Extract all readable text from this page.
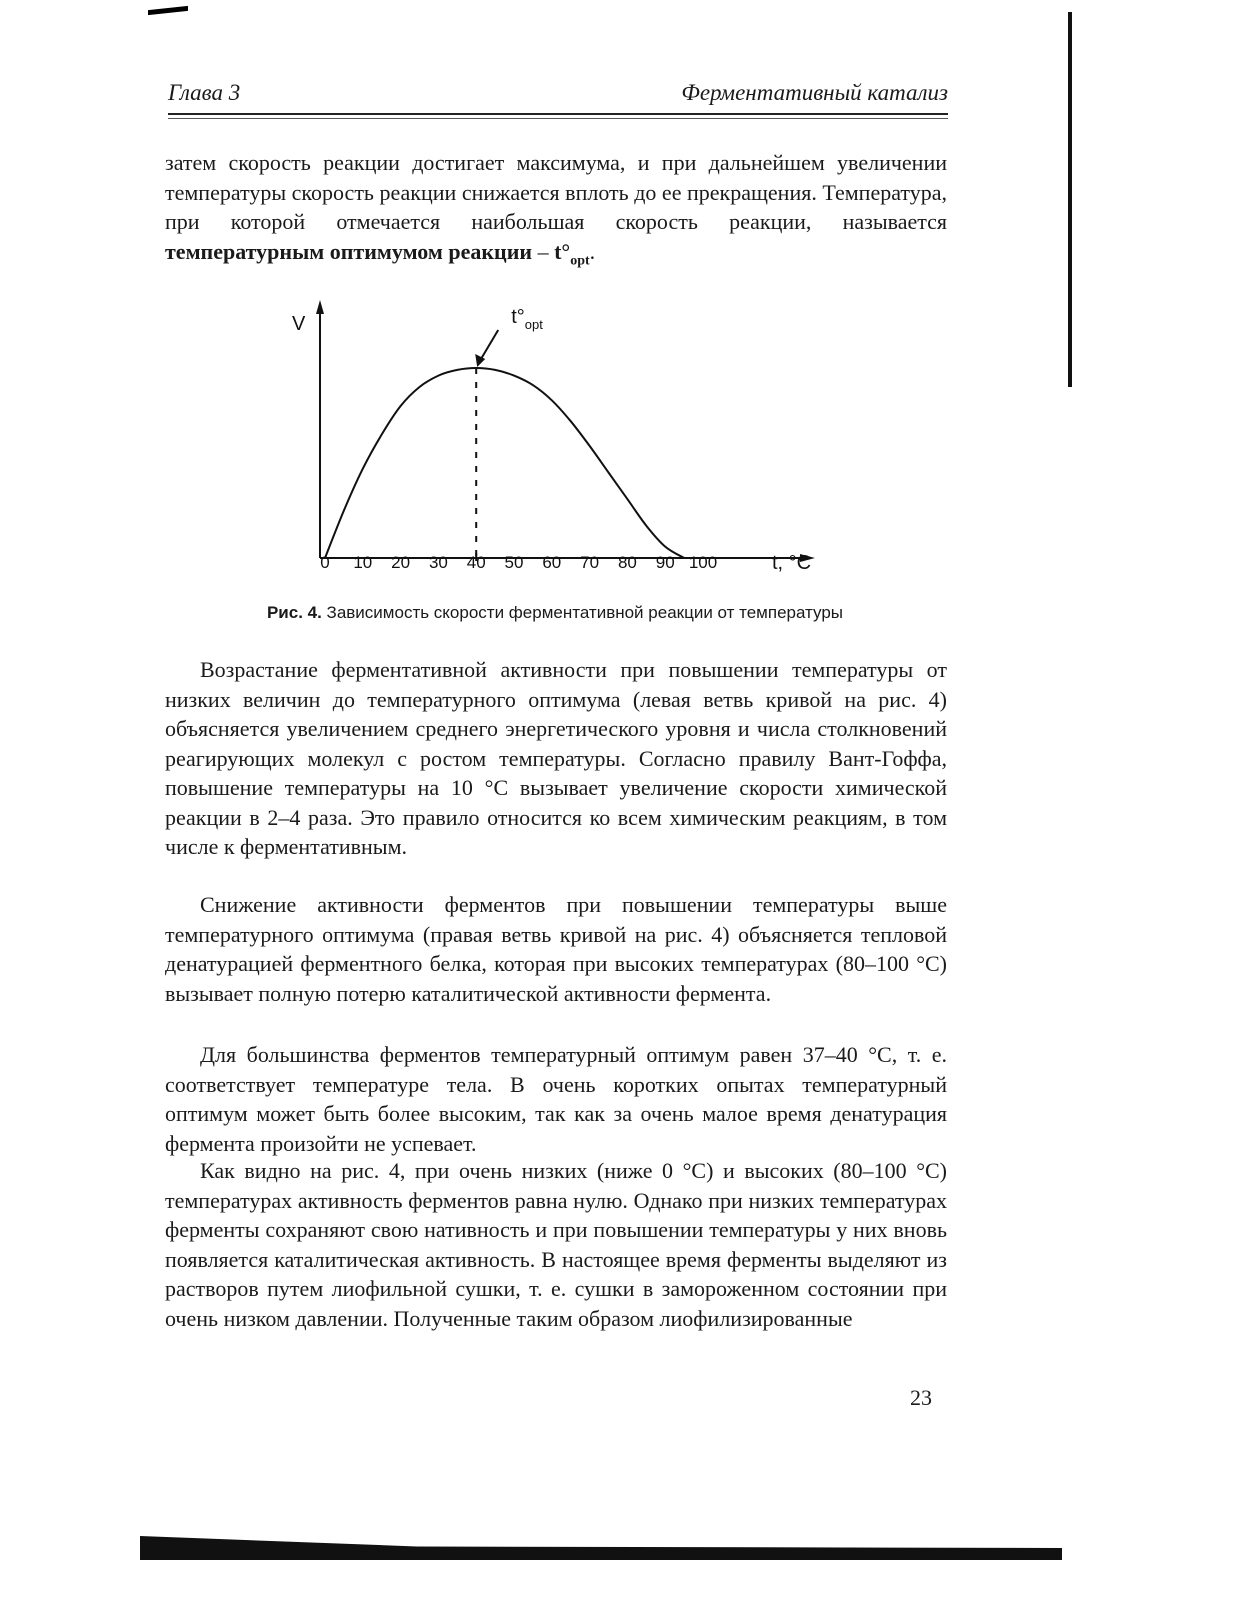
Глава 3	Ферментативный катализ

затем скорость реакции достигает максимума, и при дальнейшем увеличении температуры скорость реакции снижается вплоть до ее прекращения. Температура, при которой отмечается наибольшая скорость реакции, называется температурным оптимумом реакции – $t^\circ_{opt}$.

V
t, °C
0 10 20 30 40 50 60 70 80 90 100
$t^\circ_{opt}$
Рис. 4. Зависимость скорости ферментативной реакции от температуры

Возрастание ферментативной активности при повышении температуры от низких величин до температурного оптимума (левая ветвь кривой на рис. 4) объясняется увеличением среднего энергетического уровня и числа столкновений реагирующих молекул с ростом температуры. Согласно правилу Вант-Гоффа, повышение температуры на 10 °С вызывает увеличение скорости химической реакции в 2–4 раза. Это правило относится ко всем химическим реакциям, в том числе к ферментативным.

Снижение активности ферментов при повышении температуры выше температурного оптимума (правая ветвь кривой на рис. 4) объясняется тепловой денатурацией ферментного белка, которая при высоких температурах (80–100 °С) вызывает полную потерю каталитической активности фермента.

Для большинства ферментов температурный оптимум равен 37–40 °С, т. е. соответствует температуре тела. В очень коротких опытах температурный оптимум может быть более высоким, так как за очень малое время денатурация фермента произойти не успевает.

Как видно на рис. 4, при очень низких (ниже 0 °С) и высоких (80–100 °С) температурах активность ферментов равна нулю. Однако при низких температурах ферменты сохраняют свою нативность и при повышении температуры у них вновь появляется каталитическая активность. В настоящее время ферменты выделяют из растворов путем лиофильной сушки, т. е. сушки в замороженном состоянии при очень низком давлении. Полученные таким образом лиофилизированные

23
